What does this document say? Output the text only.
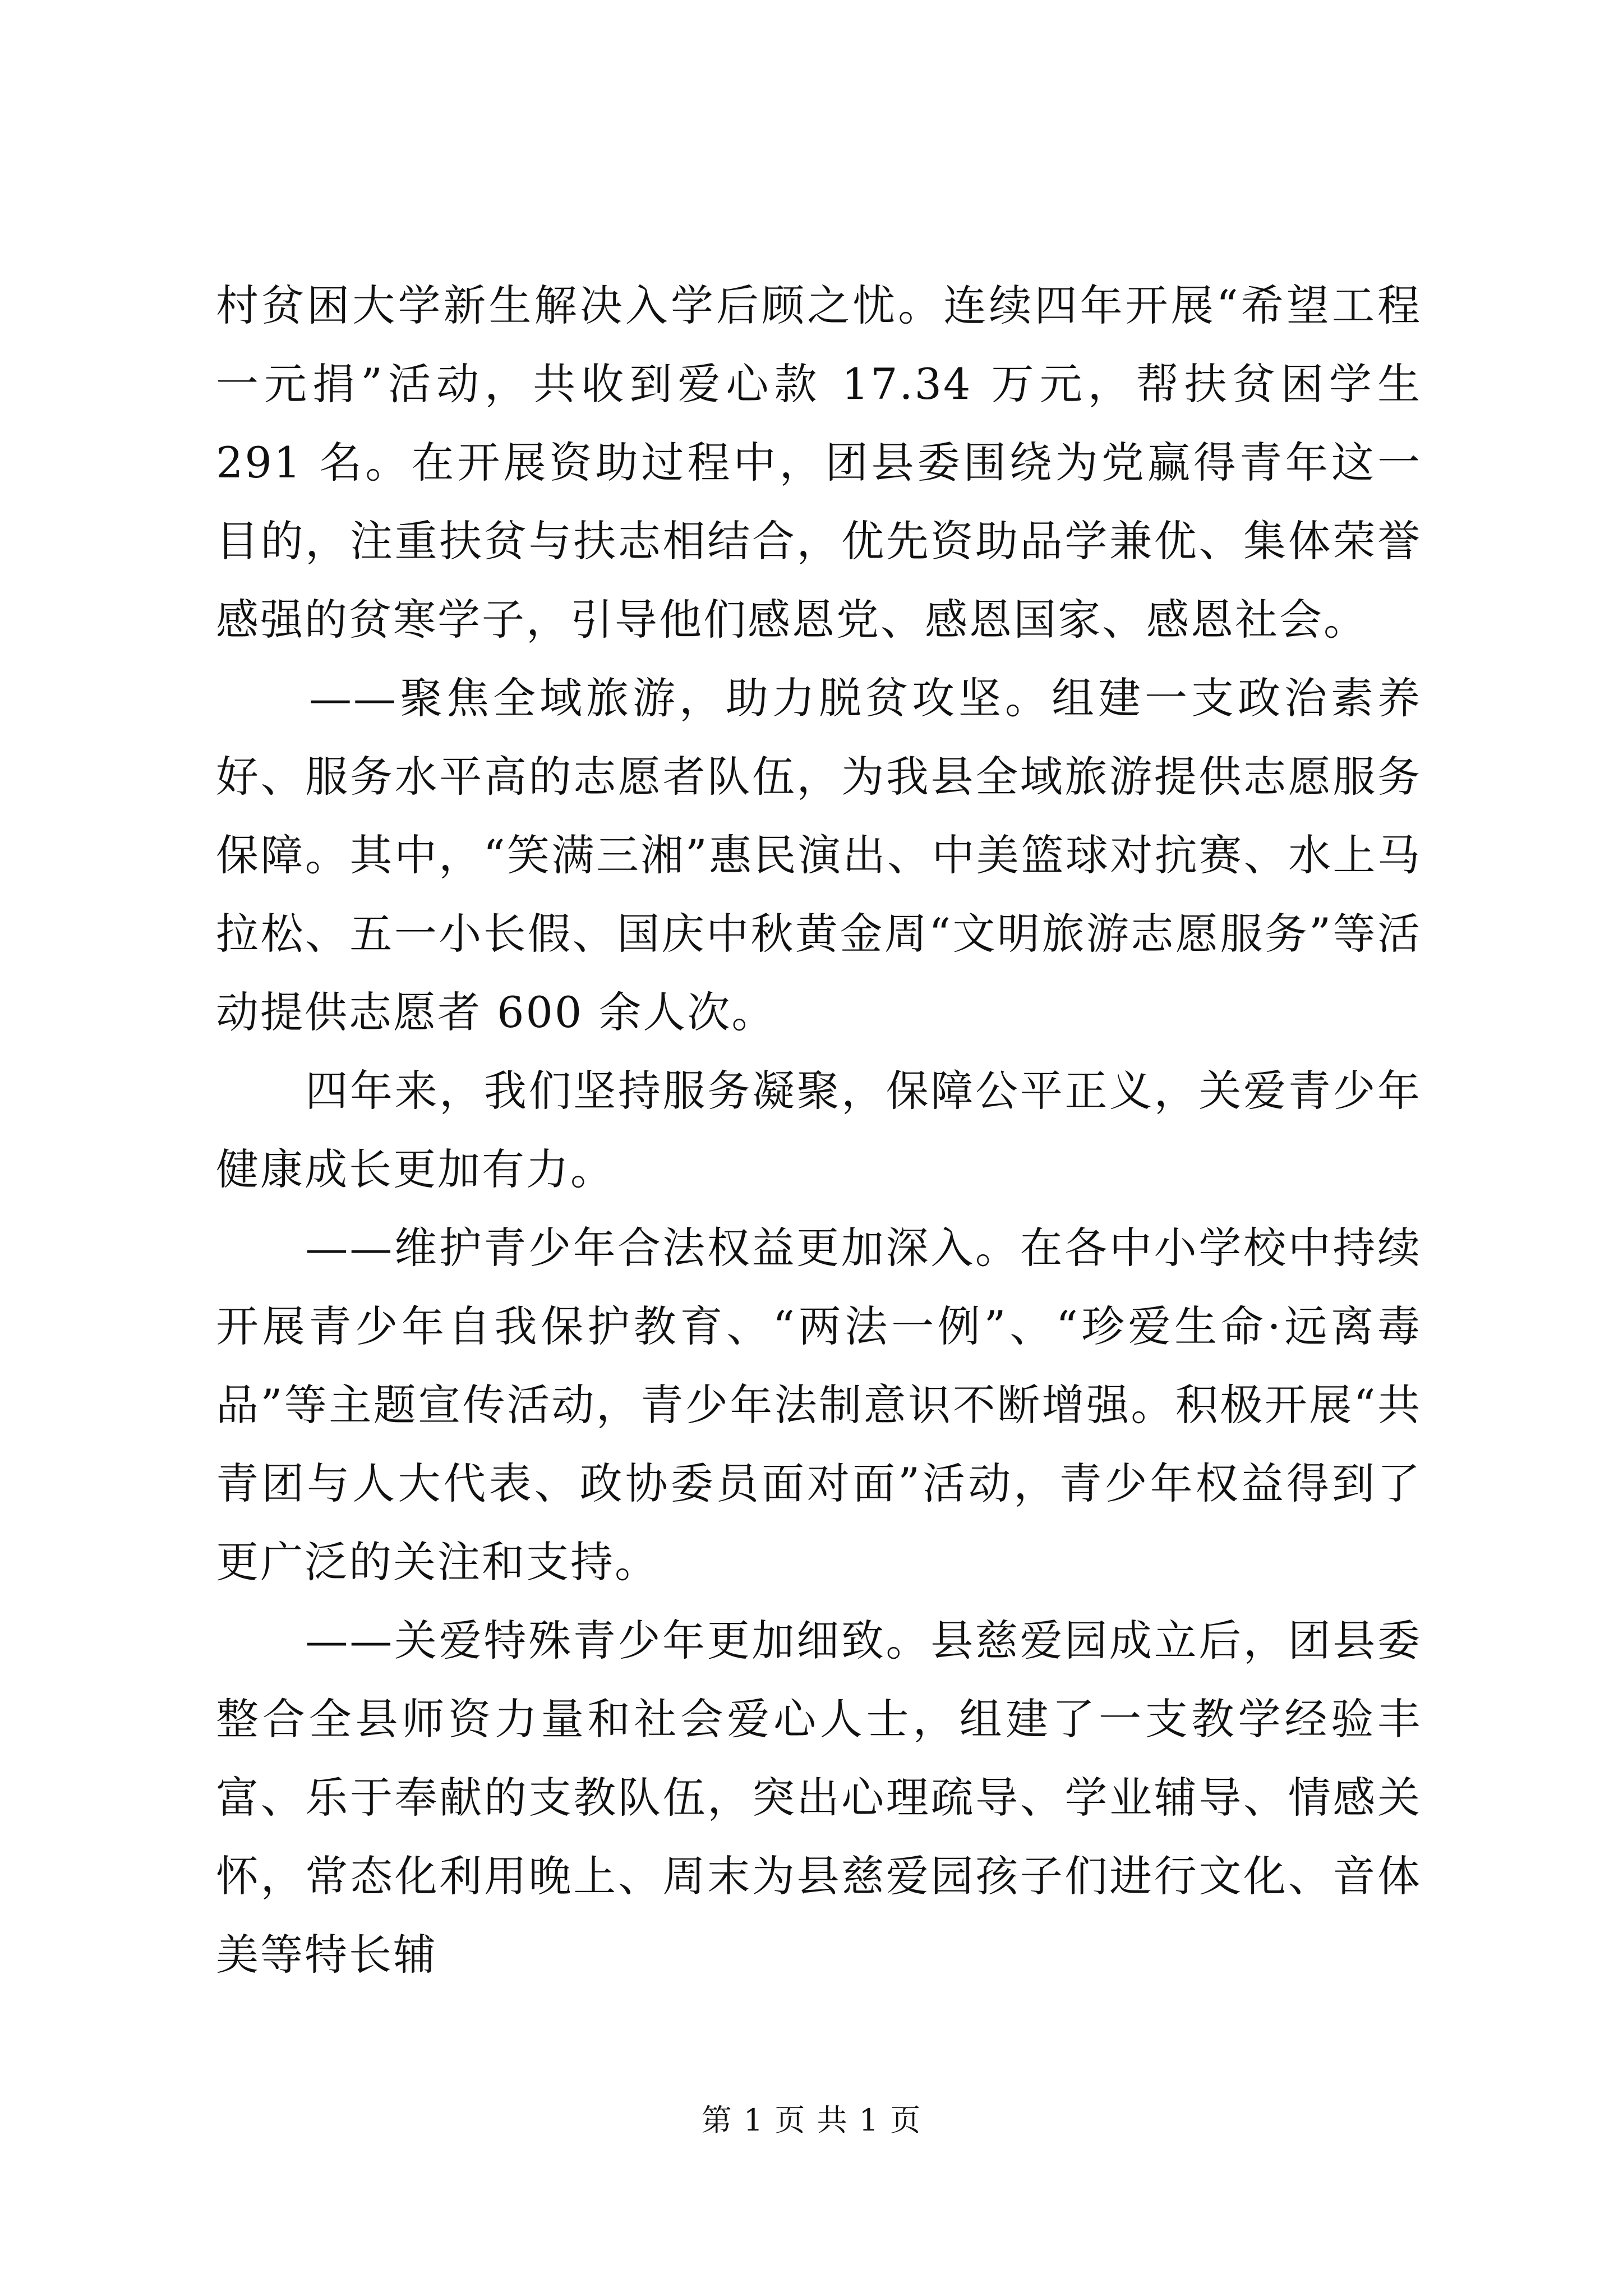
村贫困大学新生解决入学后顾之忧。连续四年开展“希望工程一元捐”活动，共收到爱心款 17.34 万元，帮扶贫困学生 291 名。在开展资助过程中，团县委围绕为党赢得青年这一目的，注重扶贫与扶志相结合，优先资助品学兼优、集体荣誉感强的贫寒学子，引导他们感恩党、感恩国家、感恩社会。

　　——聚焦全域旅游，助力脱贫攻坚。组建一支政治素养好、服务水平高的志愿者队伍，为我县全域旅游提供志愿服务保障。其中，“笑满三湘”惠民演出、中美篮球对抗赛、水上马拉松、五一小长假、国庆中秋黄金周“文明旅游志愿服务”等活动提供志愿者 600 余人次。

　　四年来，我们坚持服务凝聚，保障公平正义，关爱青少年健康成长更加有力。

　　——维护青少年合法权益更加深入。在各中小学校中持续开展青少年自我保护教育、“两法一例”、“珍爱生命·远离毒品”等主题宣传活动，青少年法制意识不断增强。积极开展“共青团与人大代表、政协委员面对面”活动，青少年权益得到了更广泛的关注和支持。

　　——关爱特殊青少年更加细致。县慈爱园成立后，团县委整合全县师资力量和社会爱心人士，组建了一支教学经验丰富、乐于奉献的支教队伍，突出心理疏导、学业辅导、情感关怀，常态化利用晚上、周末为县慈爱园孩子们进行文化、音体美等特长辅

第 1 页 共 1 页
